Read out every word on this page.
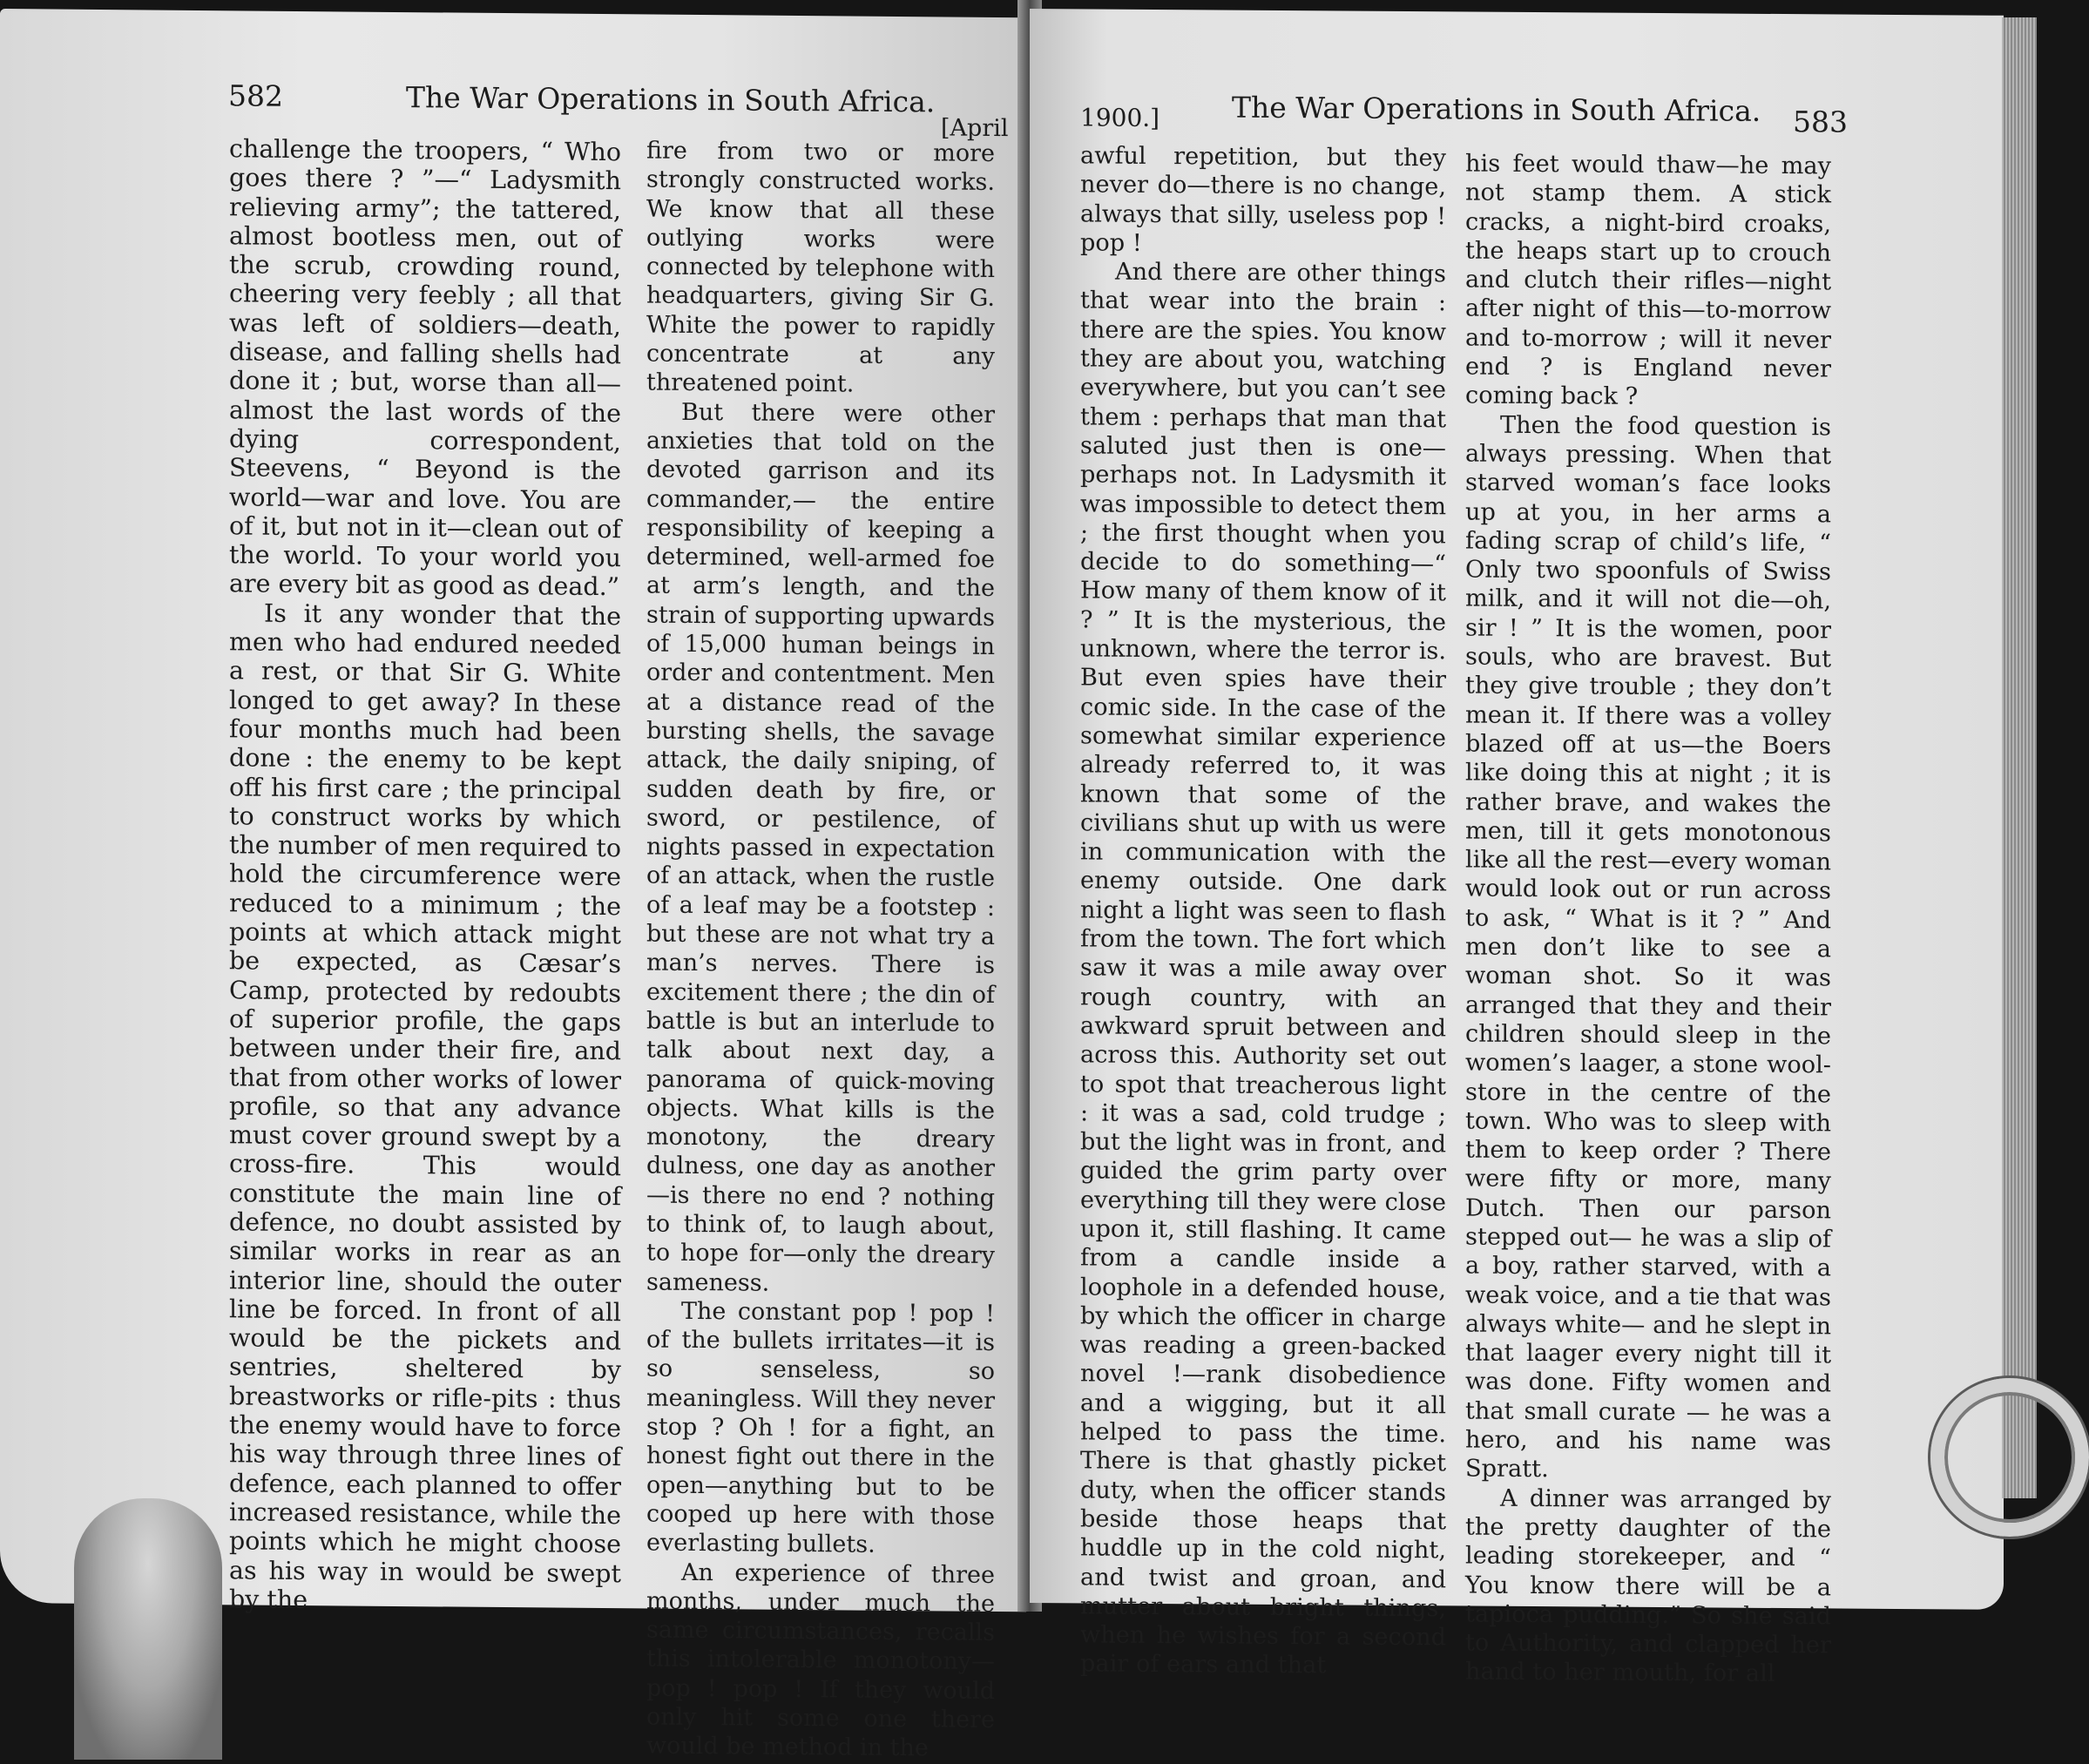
582	The War Operations in South Africa.
[April

challenge the troopers, “ Who goes there ? ”—“ Ladysmith relieving army”; the tattered, almost bootless men, out of the scrub, crowding round, cheering very feebly ; all that was left of soldiers—death, disease, and falling shells had done it ; but, worse than all—almost the last words of the dying correspondent, Steevens, “ Beyond is the world—war and love. You are of it, but not in it—clean out of the world. To your world you are every bit as good as dead.”

Is it any wonder that the men who had endured needed a rest, or that Sir G. White longed to get away? In these four months much had been done : the enemy to be kept off his first care ; the principal to construct works by which the number of men required to hold the circumference were reduced to a minimum ; the points at which attack might be expected, as Cæsar’s Camp, protected by redoubts of superior profile, the gaps between under their fire, and that from other works of lower profile, so that any advance must cover ground swept by a cross-fire. This would constitute the main line of defence, no doubt assisted by similar works in rear as an interior line, should the outer line be forced. In front of all would be the pickets and sentries, sheltered by breastworks or rifle-pits : thus the enemy would have to force his way through three lines of defence, each planned to offer increased resistance, while the points which he might choose as his way in would be swept by the

fire from two or more strongly constructed works. We know that all these outlying works were connected by telephone with headquarters, giving Sir G. White the power to rapidly concentrate at any threatened point.

But there were other anxieties that told on the devoted garrison and its commander,— the entire responsibility of keeping a determined, well-armed foe at arm’s length, and the strain of supporting upwards of 15,000 human beings in order and contentment. Men at a distance read of the bursting shells, the savage attack, the daily sniping, of sudden death by fire, or sword, or pestilence, of nights passed in expectation of an attack, when the rustle of a leaf may be a footstep : but these are not what try a man’s nerves. There is excitement there ; the din of battle is but an interlude to talk about next day, a panorama of quick-moving objects. What kills is the monotony, the dreary dulness, one day as another—is there no end ? nothing to think of, to laugh about, to hope for—only the dreary sameness.

The constant pop ! pop ! of the bullets irritates—it is so senseless, so meaningless. Will they never stop ? Oh ! for a fight, an honest fight out there in the open—anything but to be cooped up here with those everlasting bullets.

An experience of three months, under much the same circumstances, recalls this intolerable monotony—pop ! pop ! If they would only hit some one there would be method in the

1900.]	The War Operations in South Africa. 583

awful repetition, but they never do—there is no change, always that silly, useless pop ! pop !

And there are other things that wear into the brain : there are the spies. You know they are about you, watching everywhere, but you can’t see them : perhaps that man that saluted just then is one—perhaps not. In Ladysmith it was impossible to detect them ; the first thought when you decide to do something—“ How many of them know of it ? ” It is the mysterious, the unknown, where the terror is. But even spies have their comic side. In the case of the somewhat similar experience already referred to, it was known that some of the civilians shut up with us were in communication with the enemy outside. One dark night a light was seen to flash from the town. The fort which saw it was a mile away over rough country, with an awkward spruit between and across this. Authority set out to spot that treacherous light : it was a sad, cold trudge ; but the light was in front, and guided the grim party over everything till they were close upon it, still flashing. It came from a candle inside a loophole in a defended house, by which the officer in charge was reading a green-backed novel !—rank disobedience and a wigging, but it all helped to pass the time. There is that ghastly picket duty, when the officer stands beside those heaps that huddle up in the cold night, and twist and groan, and mutter about bright things, when he wishes for a second pair of ears and that

his feet would thaw—he may not stamp them. A stick cracks, a night-bird croaks, the heaps start up to crouch and clutch their rifles—night after night of this—to-morrow and to-morrow ; will it never end ? is England never coming back ?

Then the food question is always pressing. When that starved woman’s face looks up at you, in her arms a fading scrap of child’s life, “ Only two spoonfuls of Swiss milk, and it will not die—oh, sir ! ” It is the women, poor souls, who are bravest. But they give trouble ; they don’t mean it. If there was a volley blazed off at us—the Boers like doing this at night ; it is rather brave, and wakes the men, till it gets monotonous like all the rest—every woman would look out or run across to ask, “ What is it ? ” And men don’t like to see a woman shot. So it was arranged that they and their children should sleep in the women’s laager, a stone wool-store in the centre of the town. Who was to sleep with them to keep order ? There were fifty or more, many Dutch. Then our parson stepped out— he was a slip of a boy, rather starved, with a weak voice, and a tie that was always white— and he slept in that laager every night till it was done. Fifty women and that small curate — he was a hero, and his name was Spratt.

A dinner was arranged by the pretty daughter of the leading storekeeper, and “ You know there will be a tapioca pudding.” So she said to Authority, and clapped her hand to her mouth, for all
